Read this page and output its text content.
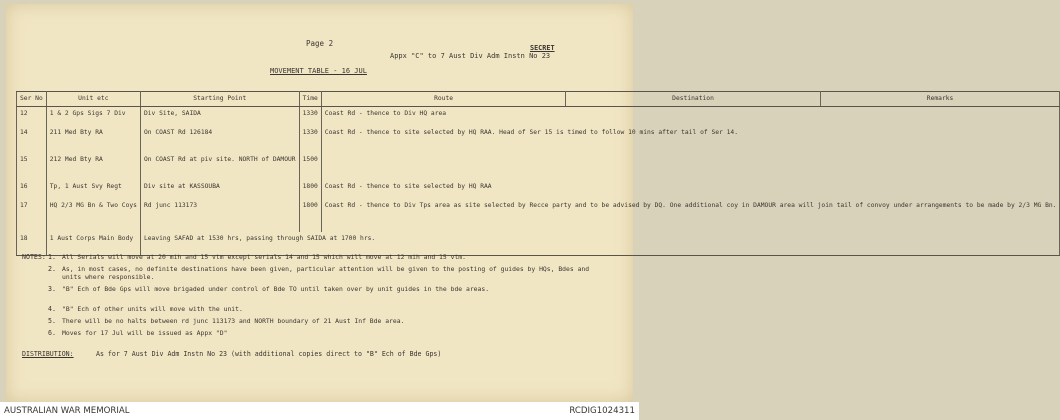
Page 2	SECRET
Appx "C" to 7 Aust Div Adm Instn No 23
MOVEMENT TABLE - 16 JUL
Ser No	Unit etc	Starting Point	Time	Route	Destination	Remarks
12	1 & 2 Gps Sigs 7 Div	Div Site, SAIDA	1330	Coast Rd - thence to Div HQ area		
14	211 Med Bty RA	On COAST Rd 126184	1330	Coast Rd - thence to site selected by HQ RAA. Head of Ser 15 is timed to follow 10 mins after tail of Ser 14.		
15	212 Med Bty RA	On COAST Rd at piv site. NORTH of DAMOUR	1500			
16	Tp, 1 Aust Svy Regt	Div site at KASSOUBA	1800	Coast Rd - thence to site selected by HQ RAA		
17	HQ 2/3 MG Bn & Two Coys	Rd junc 113173	1800	Coast Rd - thence to Div Tps area as site selected by Recce party and to be advised by DQ. One additional coy in DAMOUR area will join tail of convoy under arrangements to be made by 2/3 MG Bn.		
18	1 Aust Corps Main Body	Leaving SAFAD at 1530 hrs, passing through SAIDA at 1700 hrs.				
NOTES: 1. All Serials will move at 20 mih and 15 vtm except serials 14 and 15 which will move at 12 mih and 15 vtm.
2. As, in most cases, no definite destinations have been given, particular attention will be given to the posting of guides by HQs, Bdes and units where responsible.
3. "B" Ech of Bde Gps will move brigaded under control of Bde TO until taken over by unit guides in the bde areas.
4. "B" Ech of other units will move with the unit.
5. There will be no halts between rd junc 113173 and NORTH boundary of 21 Aust Inf Bde area.
6. Moves for 17 Jul will be issued as Appx "D"
DISTRIBUTION:	As for 7 Aust Div Adm Instn No 23 (with additional copies direct to "B" Ech of Bde Gps)
AUSTRALIAN WAR MEMORIAL	RCDIG1024311
